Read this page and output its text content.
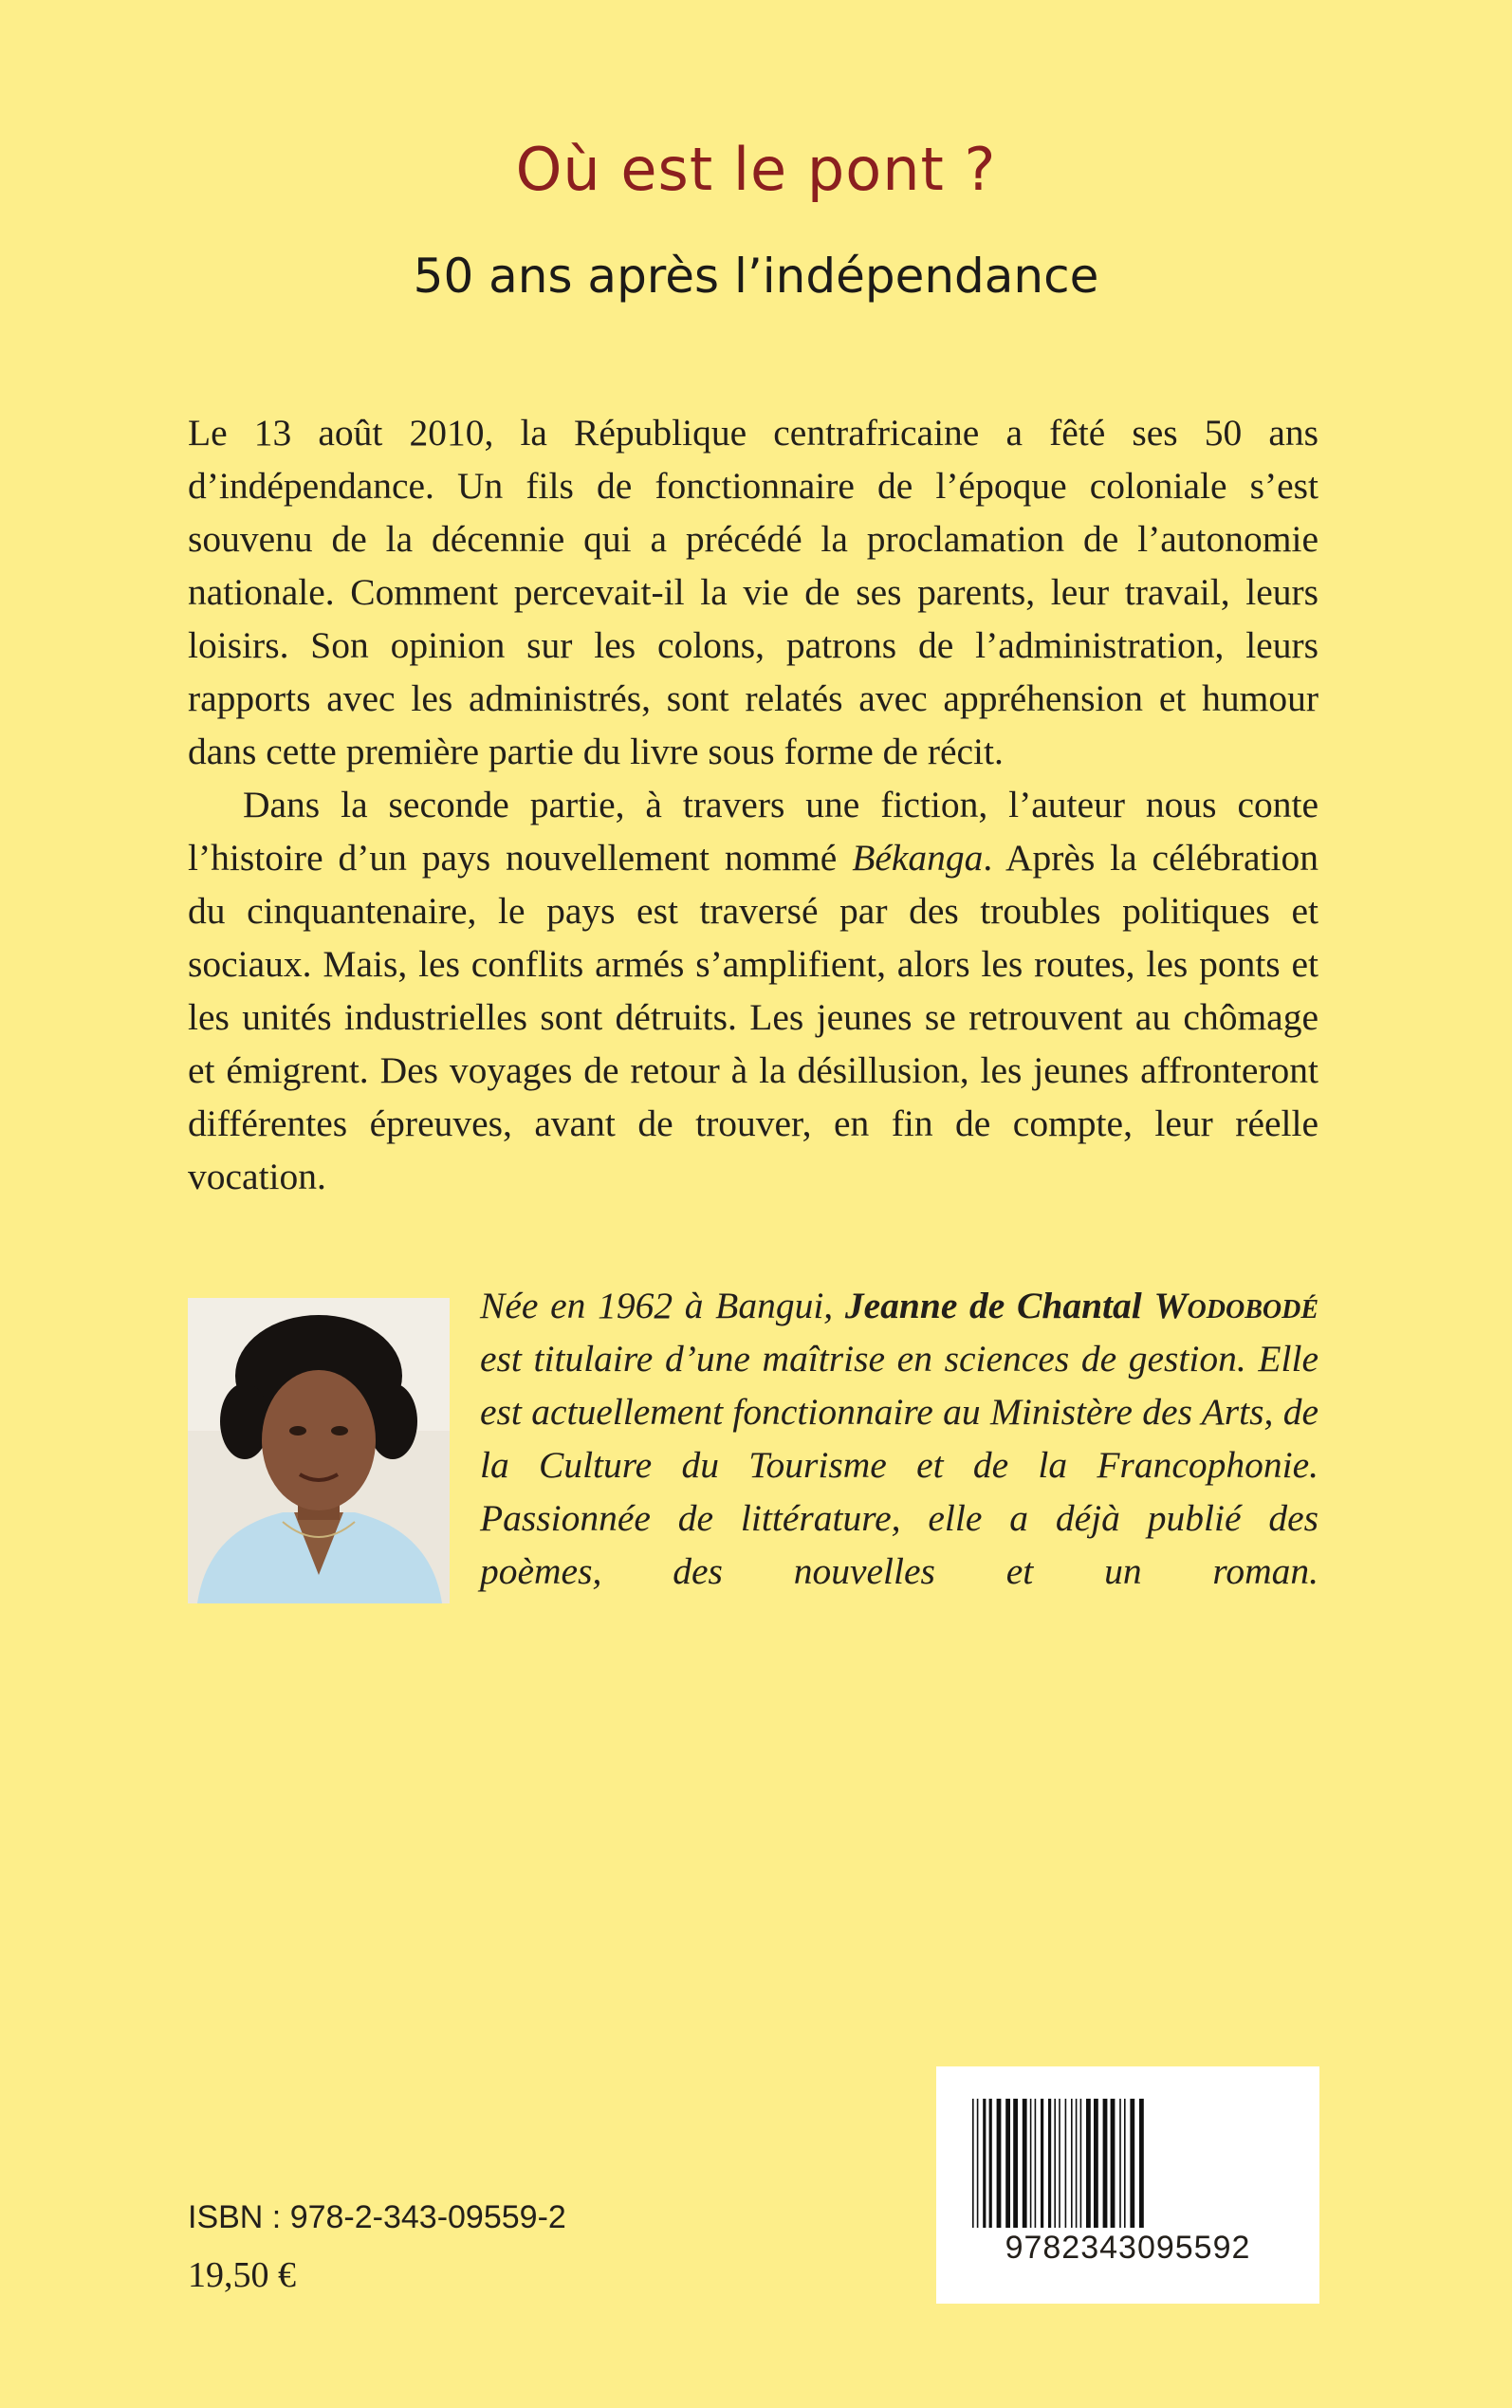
Où est le pont ?
50 ans après l’indépendance

Le 13 août 2010, la République centrafricaine a fêté ses 50 ans d’indépendance. Un fils de fonctionnaire de l’époque coloniale s’est souvenu de la décennie qui a précédé la proclamation de l’autonomie nationale. Comment percevait-il la vie de ses parents, leur travail, leurs loisirs. Son opinion sur les colons, patrons de l’administration, leurs rapports avec les administrés, sont relatés avec appréhension et humour dans cette première partie du livre sous forme de récit.

Dans la seconde partie, à travers une fiction, l’auteur nous conte l’histoire d’un pays nouvellement nommé Békanga. Après la célébration du cinquantenaire, le pays est traversé par des troubles politiques et sociaux. Mais, les conflits armés s’amplifient, alors les routes, les ponts et les unités industrielles sont détruits. Les jeunes se retrouvent au chômage et émigrent. Des voyages de retour à la désillusion, les jeunes affronteront différentes épreuves, avant de trouver, en fin de compte, leur réelle vocation.

Née en 1962 à Bangui, Jeanne de Chantal Wodobodé est titulaire d’une maîtrise en sciences de gestion. Elle est actuellement fonctionnaire au Ministère des Arts, de la Culture du Tourisme et de la Francophonie. Passionnée de littérature, elle a déjà publié des poèmes, des nouvelles et un roman.
ISBN : 978-2-343-09559-2
19,50 €
9782343095592
